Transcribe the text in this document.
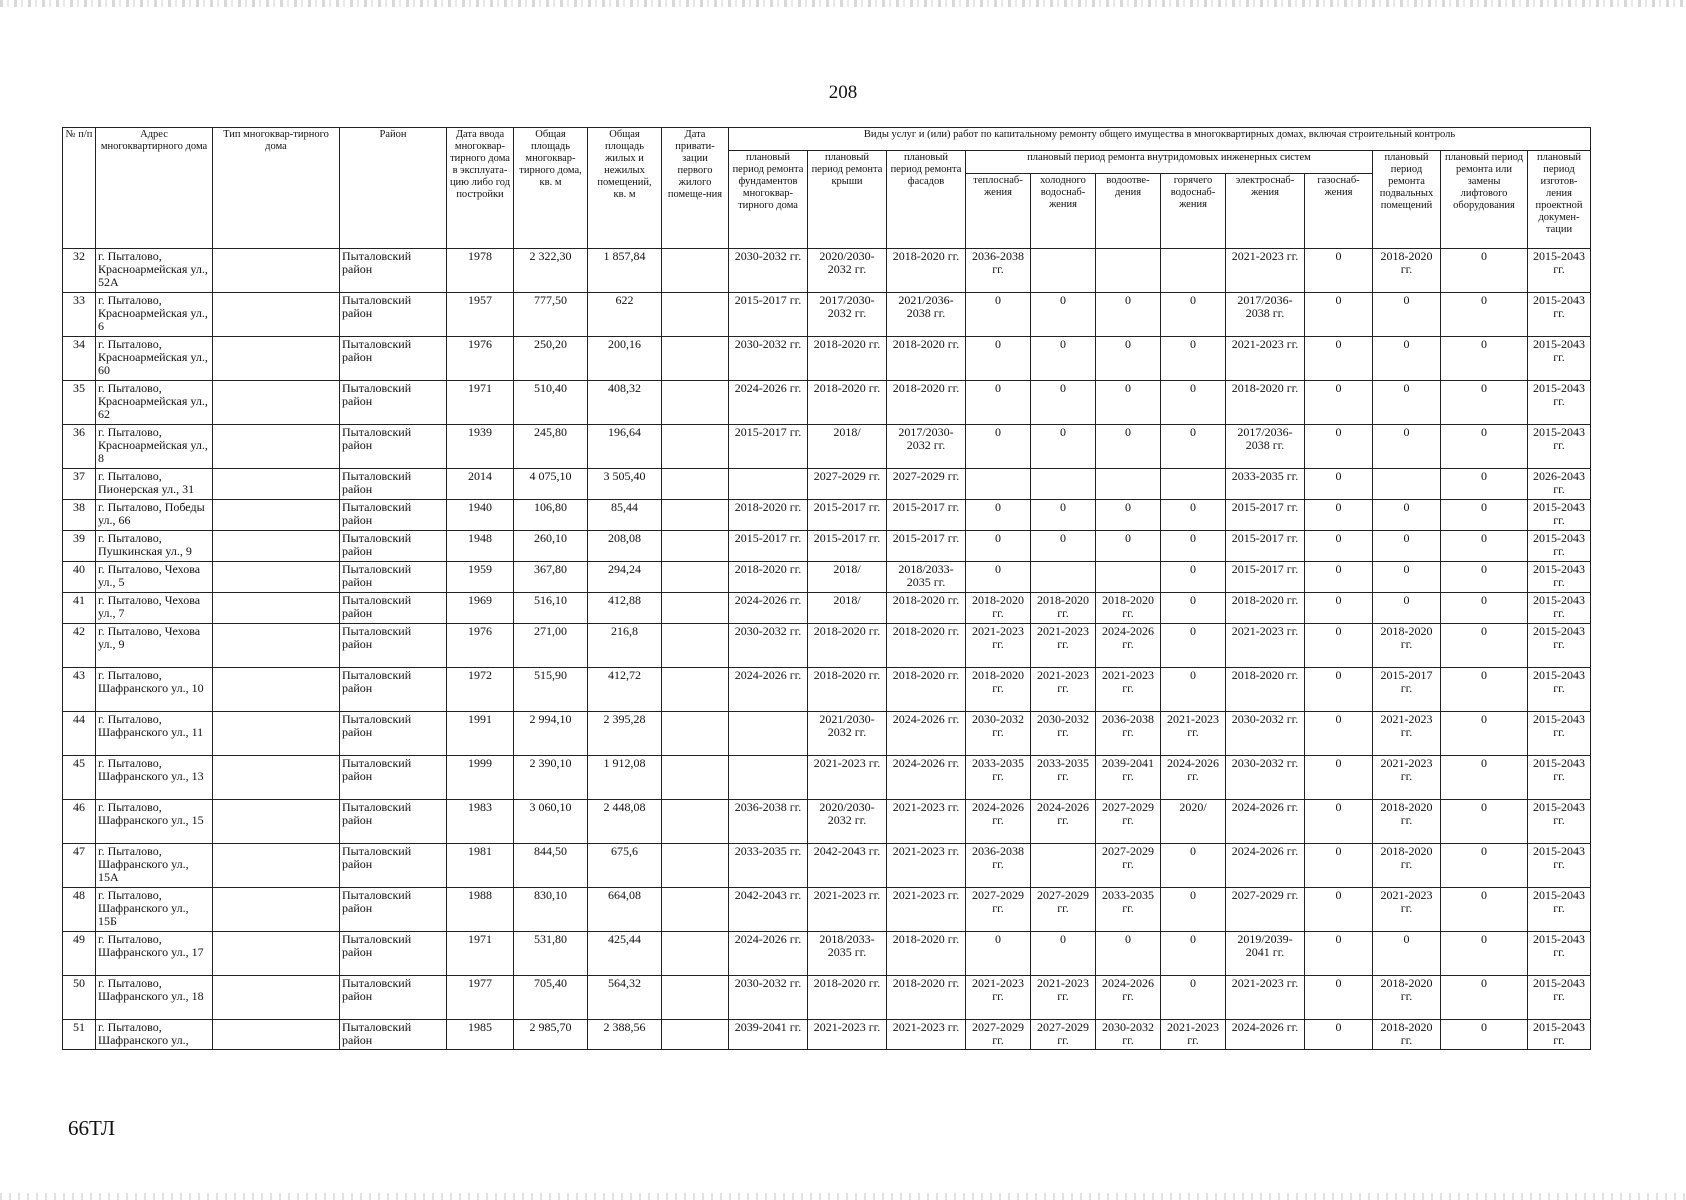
208
№ п/п	Адрес многоквартирного дома	Тип многоквар-тирного дома	Район	Дата ввода многоквар-тирного дома в эксплуата-цию либо год постройки	Общая площадь многоквар-тирного дома, кв. м	Общая площадь жилых и нежилых помещений, кв. м	Дата привати-зации первого жилого помеще-ния	Виды услуг и (или) работ по капитальному ремонту общего имущества в многоквартирных домах, включая строительный контроль											
								плановый период ремонта фундаментов многоквар-тирного дома	плановый период ремонта крыши	плановый период ремонта фасадов	плановый период ремонта внутридомовых инженерных систем						плановый период ремонта подвальных помещений	плановый период ремонта или замены лифтового оборудования	плановый период изготов-ления проектной докумен-тации
											теплоснаб-жения	холодного водоснаб-жения	водоотве-дения	горячего водоснаб-жения	электроснаб-жения	газоснаб-жения			
32	г. Пыталово, Красноармейская ул., 52А		Пыталовский район	1978	2 322,30	1 857,84		2030-2032 гг.	2020/2030-2032 гг.	2018-2020 гг.	2036-2038 гг.				2021-2023 гг.	0	2018-2020 гг.	0	2015-2043 гг.
33	г. Пыталово, Красноармейская ул., 6		Пыталовский район	1957	777,50	622		2015-2017 гг.	2017/2030-2032 гг.	2021/2036-2038 гг.	0	0	0	0	2017/2036-2038 гг.	0	0	0	2015-2043 гг.
34	г. Пыталово, Красноармейская ул., 60		Пыталовский район	1976	250,20	200,16		2030-2032 гг.	2018-2020 гг.	2018-2020 гг.	0	0	0	0	2021-2023 гг.	0	0	0	2015-2043 гг.
35	г. Пыталово, Красноармейская ул., 62		Пыталовский район	1971	510,40	408,32		2024-2026 гг.	2018-2020 гг.	2018-2020 гг.	0	0	0	0	2018-2020 гг.	0	0	0	2015-2043 гг.
36	г. Пыталово, Красноармейская ул., 8		Пыталовский район	1939	245,80	196,64		2015-2017 гг.	2018/	2017/2030-2032 гг.	0	0	0	0	2017/2036-2038 гг.	0	0	0	2015-2043 гг.
37	г. Пыталово, Пионерская ул., 31		Пыталовский район	2014	4 075,10	3 505,40			2027-2029 гг.	2027-2029 гг.					2033-2035 гг.	0		0	2026-2043 гг.
38	г. Пыталово, Победы ул., 66		Пыталовский район	1940	106,80	85,44		2018-2020 гг.	2015-2017 гг.	2015-2017 гг.	0	0	0	0	2015-2017 гг.	0	0	0	2015-2043 гг.
39	г. Пыталово, Пушкинская ул., 9		Пыталовский район	1948	260,10	208,08		2015-2017 гг.	2015-2017 гг.	2015-2017 гг.	0	0	0	0	2015-2017 гг.	0	0	0	2015-2043 гг.
40	г. Пыталово, Чехова ул., 5		Пыталовский район	1959	367,80	294,24		2018-2020 гг.	2018/	2018/2033-2035 гг.	0			0	2015-2017 гг.	0	0	0	2015-2043 гг.
41	г. Пыталово, Чехова ул., 7		Пыталовский район	1969	516,10	412,88		2024-2026 гг.	2018/	2018-2020 гг.	2018-2020 гг.	2018-2020 гг.	2018-2020 гг.	0	2018-2020 гг.	0	0	0	2015-2043 гг.
42	г. Пыталово, Чехова ул., 9		Пыталовский район	1976	271,00	216,8		2030-2032 гг.	2018-2020 гг.	2018-2020 гг.	2021-2023 гг.	2021-2023 гг.	2024-2026 гг.	0	2021-2023 гг.	0	2018-2020 гг.	0	2015-2043 гг.
43	г. Пыталово, Шафранского ул., 10		Пыталовский район	1972	515,90	412,72		2024-2026 гг.	2018-2020 гг.	2018-2020 гг.	2018-2020 гг.	2021-2023 гг.	2021-2023 гг.	0	2018-2020 гг.	0	2015-2017 гг.	0	2015-2043 гг.
44	г. Пыталово, Шафранского ул., 11		Пыталовский район	1991	2 994,10	2 395,28			2021/2030-2032 гг.	2024-2026 гг.	2030-2032 гг.	2030-2032 гг.	2036-2038 гг.	2021-2023 гг.	2030-2032 гг.	0	2021-2023 гг.	0	2015-2043 гг.
45	г. Пыталово, Шафранского ул., 13		Пыталовский район	1999	2 390,10	1 912,08			2021-2023 гг.	2024-2026 гг.	2033-2035 гг.	2033-2035 гг.	2039-2041 гг.	2024-2026 гг.	2030-2032 гг.	0	2021-2023 гг.	0	2015-2043 гг.
46	г. Пыталово, Шафранского ул., 15		Пыталовский район	1983	3 060,10	2 448,08		2036-2038 гг.	2020/2030-2032 гг.	2021-2023 гг.	2024-2026 гг.	2024-2026 гг.	2027-2029 гг.	2020/	2024-2026 гг.	0	2018-2020 гг.	0	2015-2043 гг.
47	г. Пыталово, Шафранского ул., 15А		Пыталовский район	1981	844,50	675,6		2033-2035 гг.	2042-2043 гг.	2021-2023 гг.	2036-2038 гг.		2027-2029 гг.	0	2024-2026 гг.	0	2018-2020 гг.	0	2015-2043 гг.
48	г. Пыталово, Шафранского ул., 15Б		Пыталовский район	1988	830,10	664,08		2042-2043 гг.	2021-2023 гг.	2021-2023 гг.	2027-2029 гг.	2027-2029 гг.	2033-2035 гг.	0	2027-2029 гг.	0	2021-2023 гг.	0	2015-2043 гг.
49	г. Пыталово, Шафранского ул., 17		Пыталовский район	1971	531,80	425,44		2024-2026 гг.	2018/2033-2035 гг.	2018-2020 гг.	0	0	0	0	2019/2039-2041 гг.	0	0	0	2015-2043 гг.
50	г. Пыталово, Шафранского ул., 18		Пыталовский район	1977	705,40	564,32		2030-2032 гг.	2018-2020 гг.	2018-2020 гг.	2021-2023 гг.	2021-2023 гг.	2024-2026 гг.	0	2021-2023 гг.	0	2018-2020 гг.	0	2015-2043 гг.
51	г. Пыталово, Шафранского ул.,		Пыталовский район	1985	2 985,70	2 388,56		2039-2041 гг.	2021-2023 гг.	2021-2023 гг.	2027-2029 гг.	2027-2029 гг.	2030-2032 гг.	2021-2023 гг.	2024-2026 гг.	0	2018-2020 гг.	0	2015-2043 гг.
66ТЛ
